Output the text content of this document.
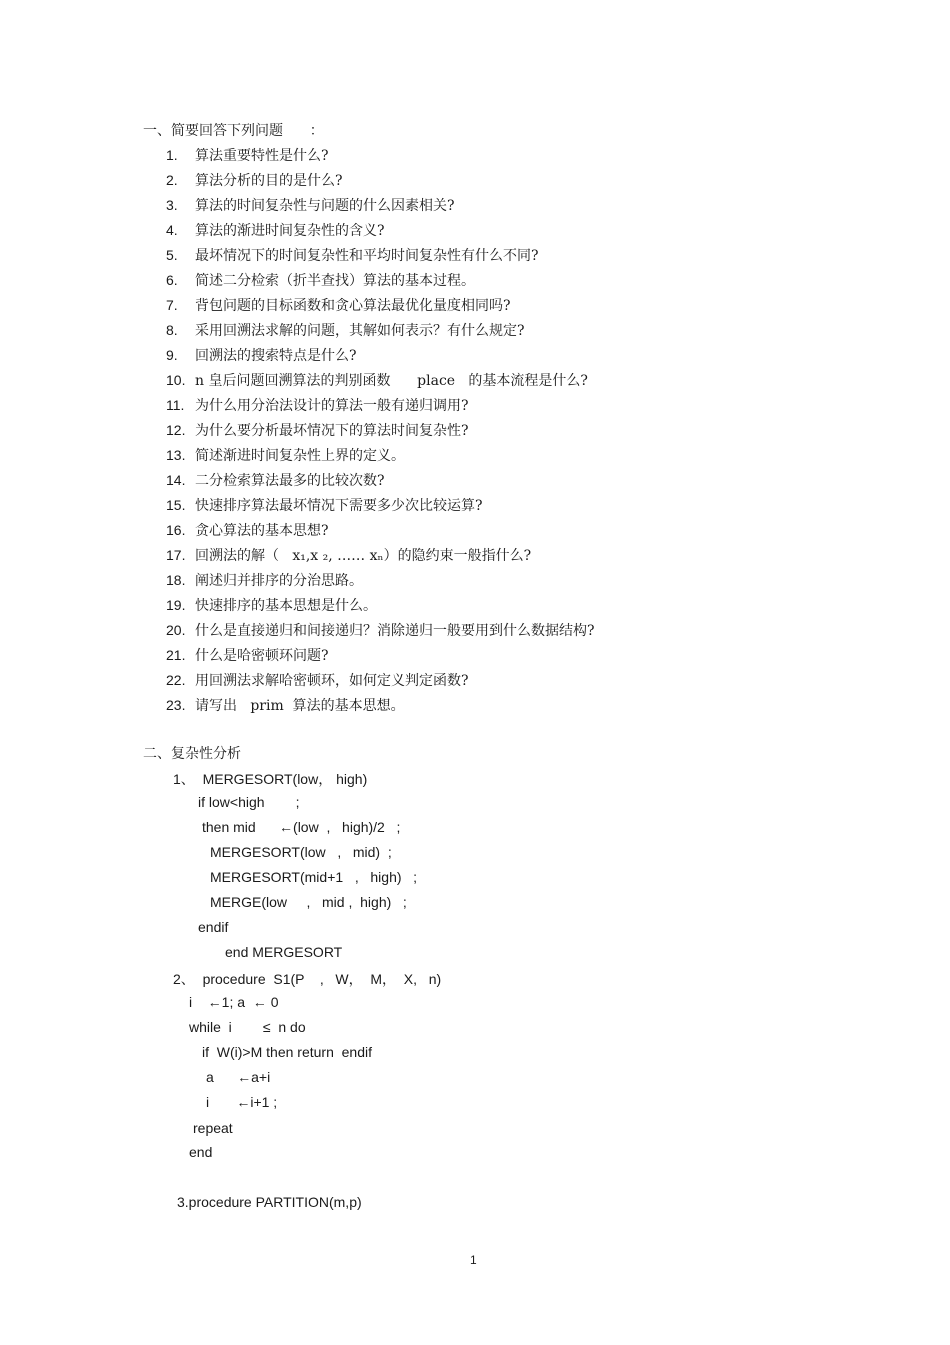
一、简要回答下列问题      ：
1. 算法重要特性是什么?
2. 算法分析的目的是什么?
3. 算法的时间复杂性与问题的什么因素相关?
4. 算法的渐进时间复杂性的含义?
5. 最坏情况下的时间复杂性和平均时间复杂性有什么不同?
6. 简述二分检索（折半查找）算法的基本过程。
7. 背包问题的目标函数和贪心算法最优化量度相同吗?
8. 采用回溯法求解的问题，其解如何表示？有什么规定?
9. 回溯法的搜索特点是什么?
10. n 皇后问题回溯算法的判别函数      place   的基本流程是什么?
11. 为什么用分治法设计的算法一般有递归调用?
12. 为什么要分析最坏情况下的算法时间复杂性?
13. 简述渐进时间复杂性上界的定义。
14. 二分检索算法最多的比较次数?
15. 快速排序算法最坏情况下需要多少次比较运算?
16. 贪心算法的基本思想?
17. 回溯法的解（   x₁,x ₂, …… xₙ）的隐约束一般指什么?
18. 阐述归并排序的分治思路。
19. 快速排序的基本思想是什么。
20. 什么是直接递归和间接递归？消除递归一般要用到什么数据结构?
21. 什么是哈密顿环问题?
22. 用回溯法求解哈密顿环，如何定义判定函数?
23. 请写出   prim  算法的基本思想。
二、复杂性分析
1、  MERGESORT(low， high)
if low<high        ;
then mid      ←(low  ,   high)/2   ;
MERGESORT(low   ,   mid)  ;
MERGESORT(mid+1   ,   high)   ;
MERGE(low     ,   mid ,  high)   ;
endif
end MERGESORT
2、  procedure  S1(P    ,   W，  M，  X,   n)
i    ←1; a  ← 0
while  i        ≤  n do
if  W(i)>M then return  endif
a      ←a+i
i       ←i+1 ;
repeat
end
3.procedure PARTITION(m,p)
1
